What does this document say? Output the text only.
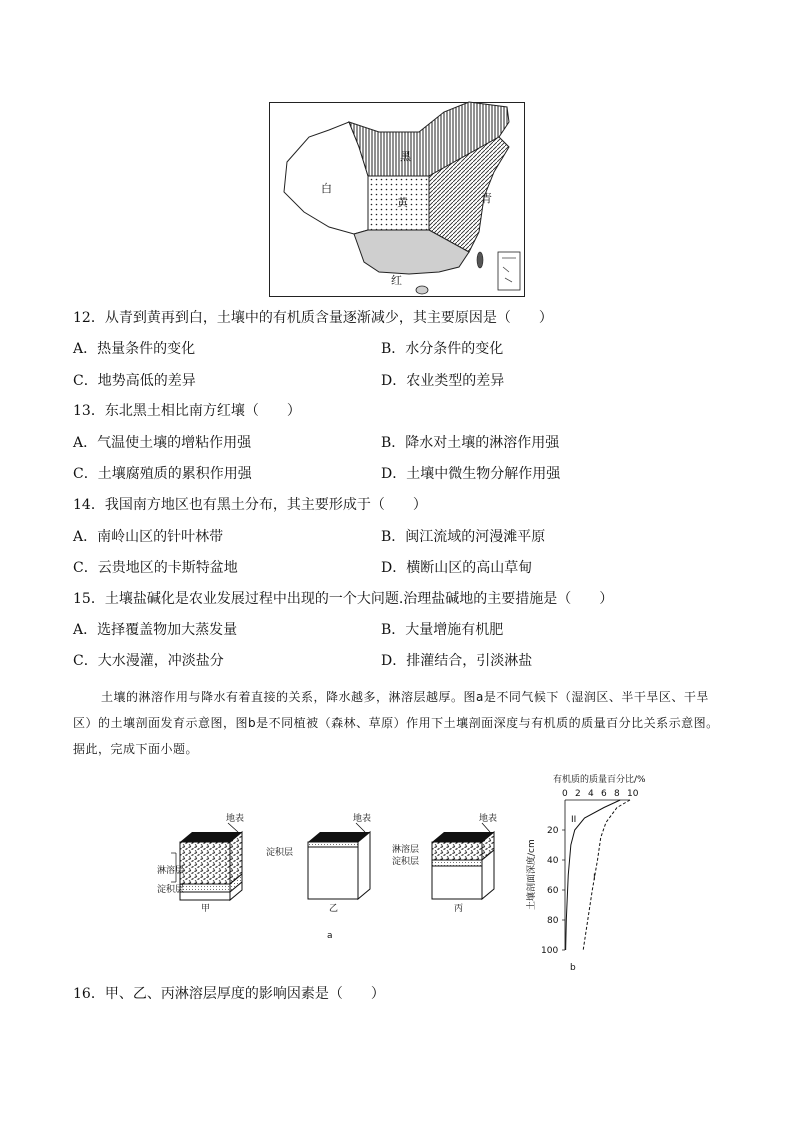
黑
白
黄	青
红
12．从青到黄再到白，土壤中的有机质含量逐渐减少，其主要原因是（　　）
A．热量条件的变化	B．水分条件的变化
C．地势高低的差异	D．农业类型的差异
13．东北黑土相比南方红壤（　　）
A．气温使土壤的增粘作用强	B．降水对土壤的淋溶作用强
C．土壤腐殖质的累积作用强	D．土壤中微生物分解作用强
14．我国南方地区也有黑土分布，其主要形成于（　　）
A．南岭山区的针叶林带	B．闽江流域的河漫滩平原
C．云贵地区的卡斯特盆地	D．横断山区的高山草甸
15．土壤盐碱化是农业发展过程中出现的一个大问题.治理盐碱地的主要措施是（　　）
A．选择覆盖物加大蒸发量	B．大量增施有机肥
C．大水漫灌，冲淡盐分	D．排灌结合，引淡淋盐
土壤的淋溶作用与降水有着直接的关系，降水越多，淋溶层越厚。图a是不同气候下（湿润区、半干旱区、干旱区）的土壤剖面发育示意图，图b是不同植被（森林、草原）作用下土壤剖面深度与有机质的质量百分比关系示意图。据此，完成下面小题。
地表
淋溶层
淀积层
甲
地表
淀积层
乙
地表
淋溶层
淀积层
丙
a
有机质的质量百分比/%
0 2 4 6 8 10
20
40
60
80
100
土壤剖面深度/cm
II
I
b
16．甲、乙、丙淋溶层厚度的影响因素是（　　）
